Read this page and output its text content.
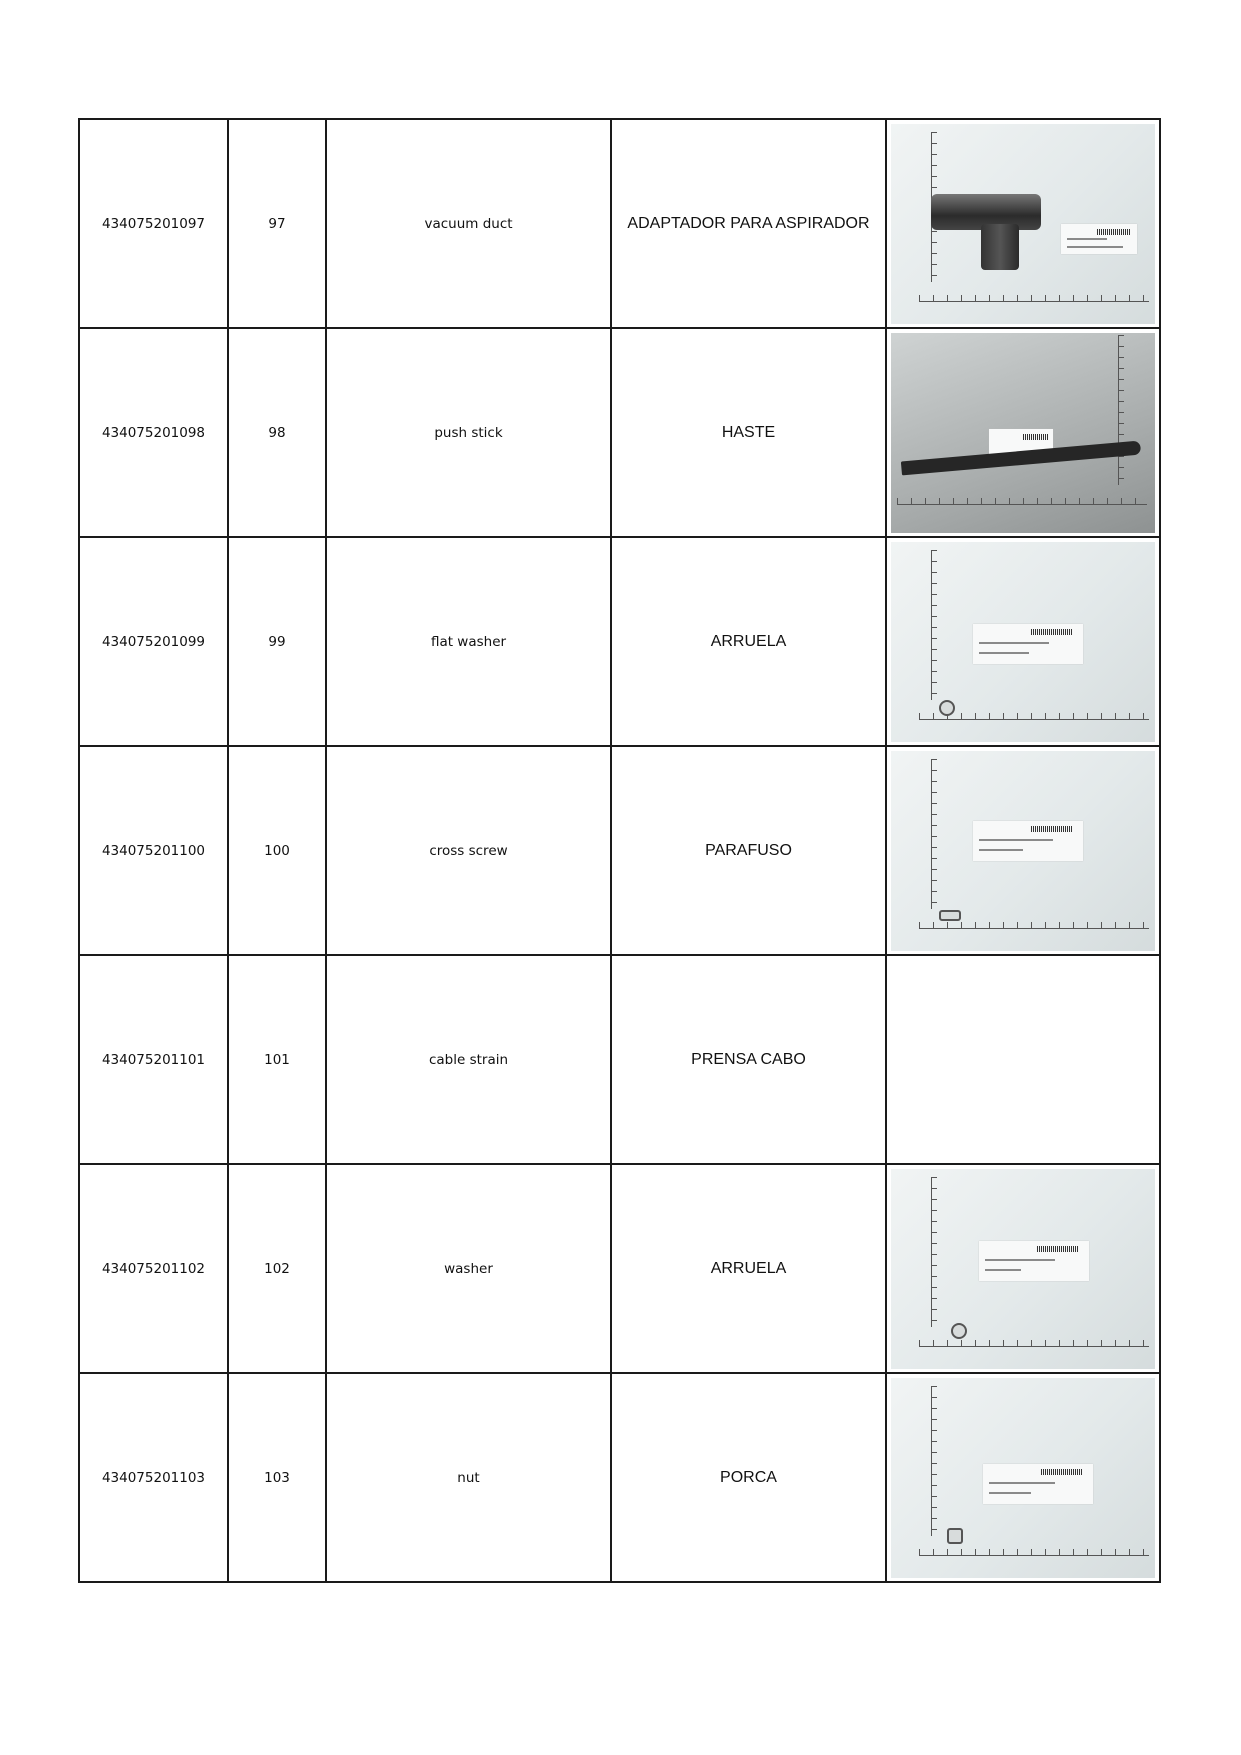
434075201097	97	vacuum duct	ADAPTADOR PARA ASPIRADOR	

434075201098	98	push stick	HASTE	

434075201099	99	flat washer	ARRUELA	

434075201100	100	cross screw	PARAFUSO	

434075201101	101	cable strain	PRENSA CABO	
434075201102	102	washer	ARRUELA	

434075201103	103	nut	PORCA	
